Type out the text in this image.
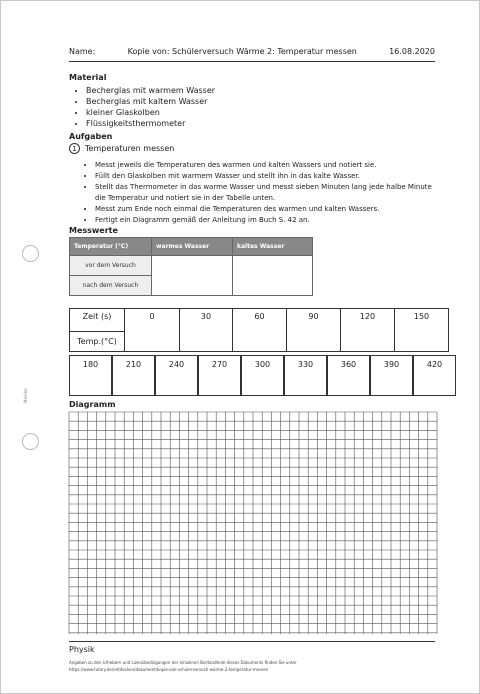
Meinbe
Name:	Kopie von: Schülerversuch Wärme 2: Temperatur messen	16.08.2020
Material
• Becherglas mit warmem Wasser
• Becherglas mit kaltem Wasser
• kleiner Glaskolben
• Flüssigkeitsthermometer
Aufgaben
1	Temperaturen messen
• Messt jeweils die Temperaturen des warmen und kalten Wassers und notiert sie.
• Füllt den Glaskolben mit warmem Wasser und stellt ihn in das kalte Wasser.
• Stellt das Thermometer in das warme Wasser und messt sieben Minuten lang jede halbe Minute die Temperatur und notiert sie in der Tabelle unten.
• Messt zum Ende noch einmal die Temperaturen des warmen und kalten Wassers.
• Fertigt ein Diagramm gemäß der Anleitung im Buch S. 42 an.
Messwerte
Temperatur (°C)	warmes Wasser	kaltes Wasser
vor dem Versuch		
nach dem Versuch		
Zeit (s)	0	30	60	90	120	150
Temp.(°C)
180	210	240	270	300	330	360	390	420
Diagramm
Physik
Angaben zu den Urhebern und Lizenzbedingungen der einzelnen Bestandteile dieses Dokuments finden Sie unter
https://www.tutory.de/entdecken/dokument/kopie-von-schulerversuch-warme-2-temperatur-messen
